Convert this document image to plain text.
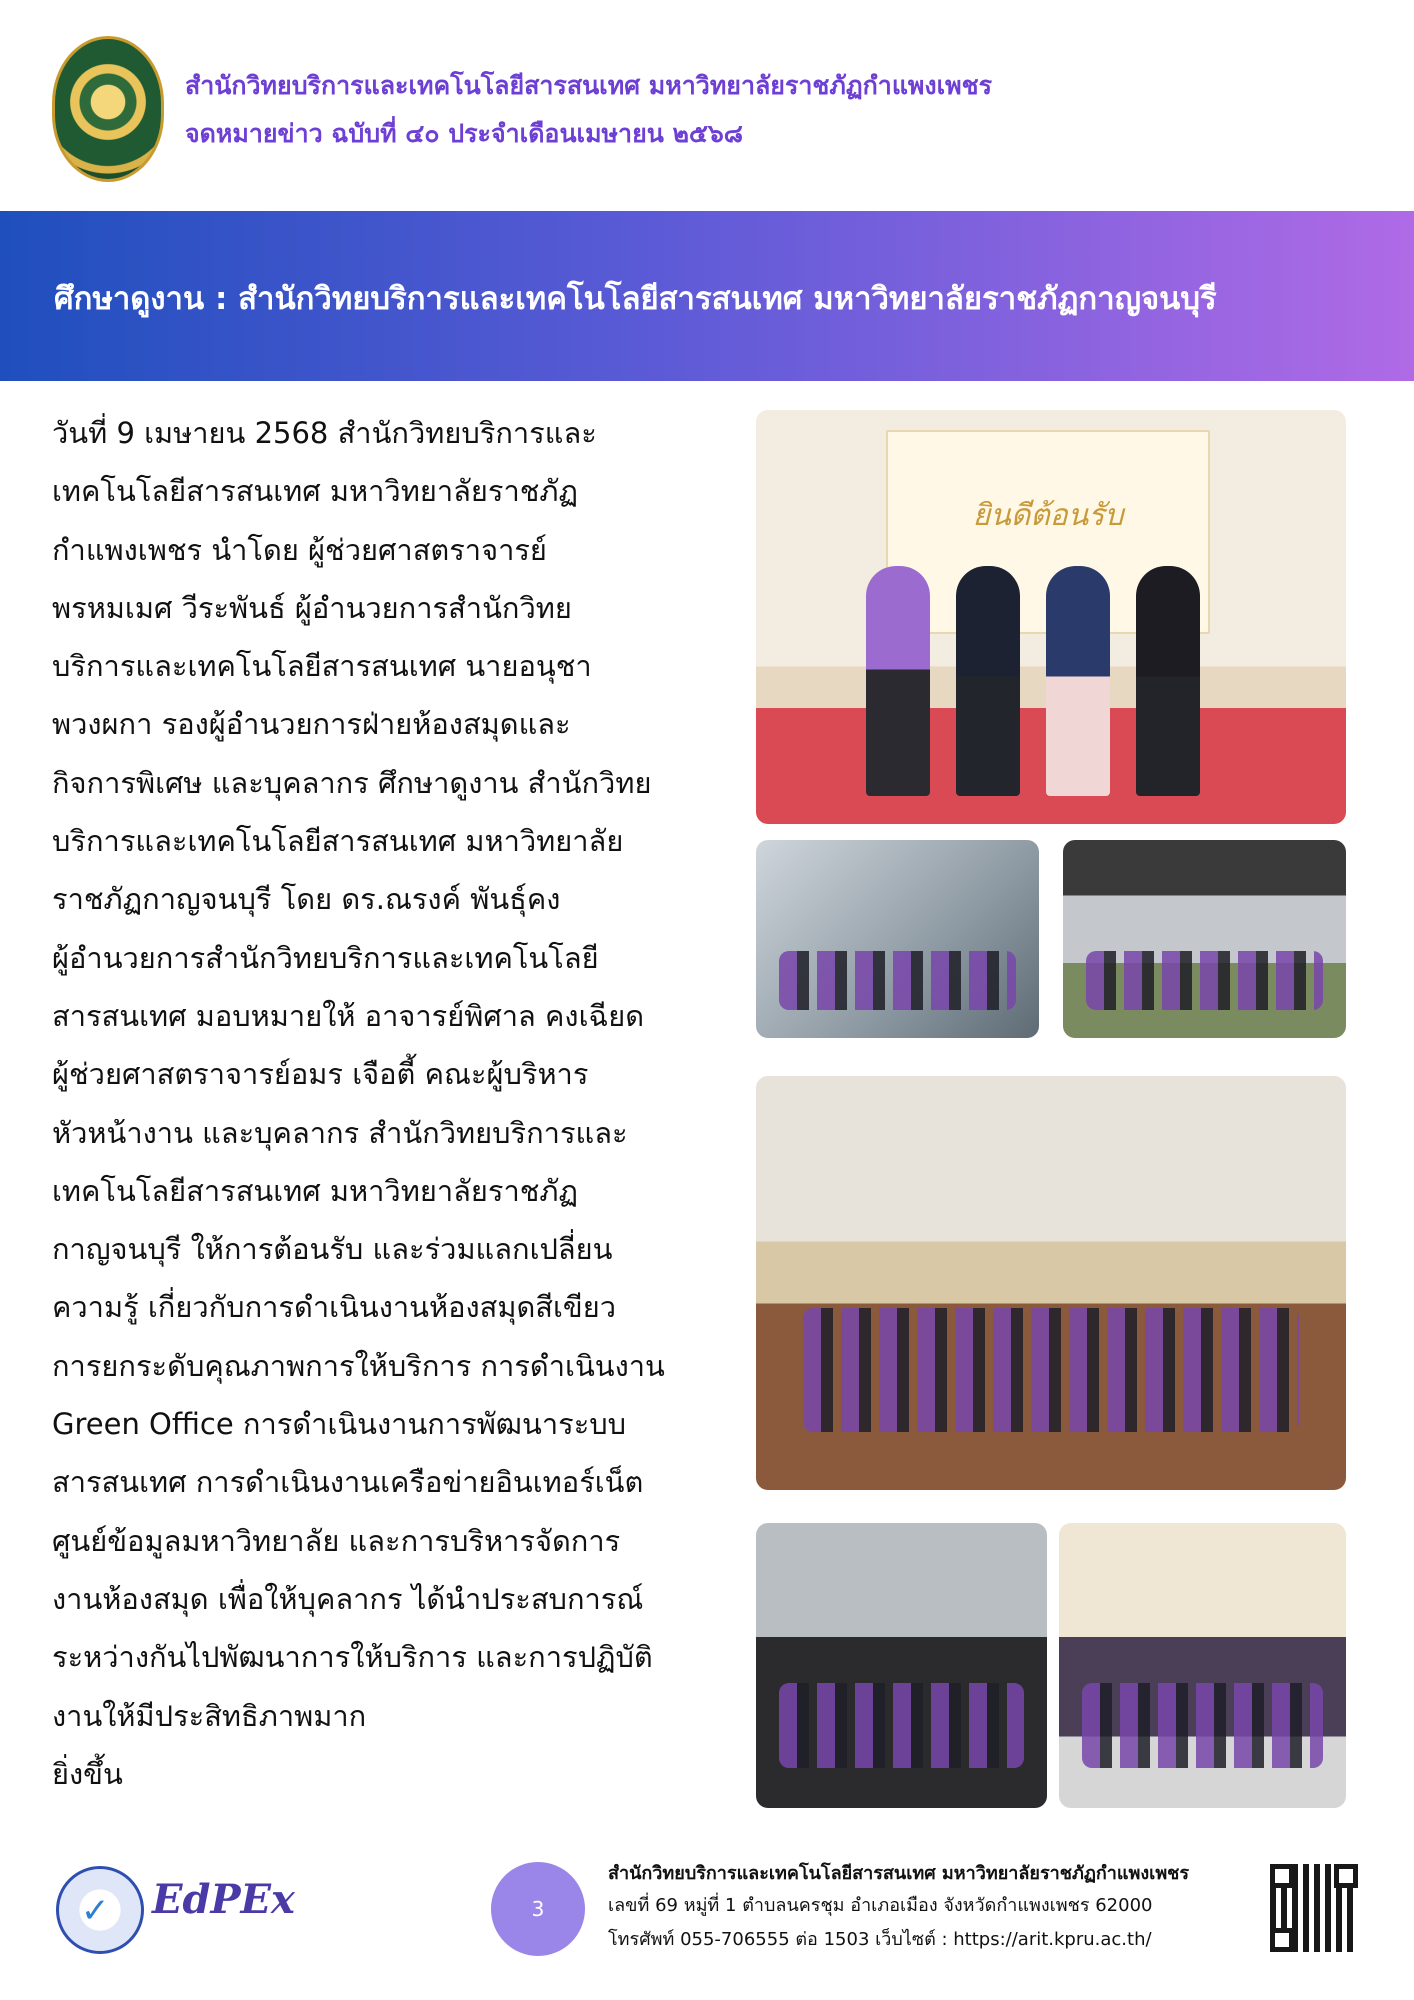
สำนักวิทยบริการและเทคโนโลยีสารสนเทศ มหาวิทยาลัยราชภัฏกำแพงเพชร
จดหมายข่าว ฉบับที่ ๔๐ ประจำเดือนเมษายน ๒๕๖๘
ศึกษาดูงาน : สำนักวิทยบริการและเทคโนโลยีสารสนเทศ มหาวิทยาลัยราชภัฏกาญจนบุรี
วันที่ 9 เมษายน 2568 สำนักวิทยบริการและ
เทคโนโลยีสารสนเทศ มหาวิทยาลัยราชภัฏ
กำแพงเพชร นำโดย ผู้ช่วยศาสตราจารย์
พรหมเมศ วีระพันธ์ ผู้อำนวยการสำนักวิทย
บริการและเทคโนโลยีสารสนเทศ นายอนุชา
พวงผกา รองผู้อำนวยการฝ่ายห้องสมุดและ
กิจการพิเศษ และบุคลากร ศึกษาดูงาน สำนักวิทย
บริการและเทคโนโลยีสารสนเทศ มหาวิทยาลัย
ราชภัฏกาญจนบุรี โดย ดร.ณรงค์ พันธุ์คง
ผู้อำนวยการสำนักวิทยบริการและเทคโนโลยี
สารสนเทศ มอบหมายให้ อาจารย์พิศาล คงเฉียด
ผู้ช่วยศาสตราจารย์อมร เจือตี้ คณะผู้บริหาร
หัวหน้างาน และบุคลากร สำนักวิทยบริการและ
เทคโนโลยีสารสนเทศ มหาวิทยาลัยราชภัฏ
กาญจนบุรี ให้การต้อนรับ และร่วมแลกเปลี่ยน
ความรู้ เกี่ยวกับการดำเนินงานห้องสมุดสีเขียว
การยกระดับคุณภาพการให้บริการ การดำเนินงาน
Green Office การดำเนินงานการพัฒนาระบบ
สารสนเทศ การดำเนินงานเครือข่ายอินเทอร์เน็ต
ศูนย์ข้อมูลมหาวิทยาลัย และการบริหารจัดการ
งานห้องสมุด เพื่อให้บุคลากร ได้นำประสบการณ์
ระหว่างกันไปพัฒนาการให้บริการ และการปฏิบัติ
งานให้มีประสิทธิภาพมาก
ยิ่งขึ้น
ยินดีต้อนรับ
✓ EdPEx	3
สำนักวิทยบริการและเทคโนโลยีสารสนเทศ มหาวิทยาลัยราชภัฏกำแพงเพชร
เลขที่ 69 หมู่ที่ 1 ตำบลนครชุม อำเภอเมือง จังหวัดกำแพงเพชร 62000
โทรศัพท์ 055-706555 ต่อ 1503 เว็บไซต์ : https://arit.kpru.ac.th/
